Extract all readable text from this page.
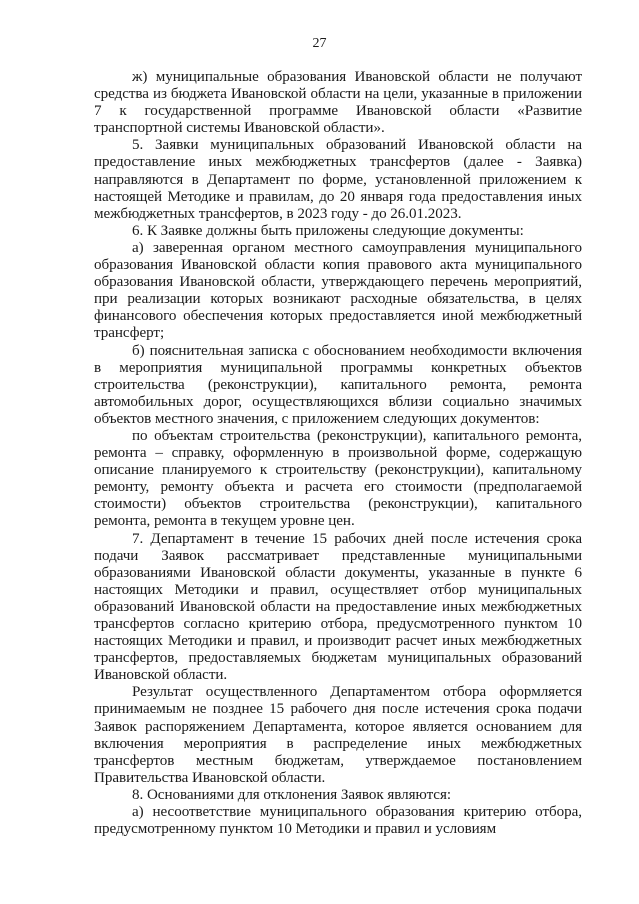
27

ж) муниципальные образования Ивановской области не получают средства из бюджета Ивановской области на цели, указанные в приложении 7 к государственной программе Ивановской области «Развитие транспортной системы Ивановской области».

5. Заявки муниципальных образований Ивановской области на предоставление иных межбюджетных трансфертов (далее - Заявка) направляются в Департамент по форме, установленной приложением к настоящей Методике и правилам, до 20 января года предоставления иных межбюджетных трансфертов, в 2023 году - до 26.01.2023.

6. К Заявке должны быть приложены следующие документы:

а) заверенная органом местного самоуправления муниципального образования Ивановской области копия правового акта муниципального образования Ивановской области, утверждающего перечень мероприятий, при реализации которых возникают расходные обязательства, в целях финансового обеспечения которых предоставляется иной межбюджетный трансферт;

б) пояснительная записка с обоснованием необходимости включения в мероприятия муниципальной программы конкретных объектов строительства (реконструкции), капитального ремонта, ремонта автомобильных дорог, осуществляющихся вблизи социально значимых объектов местного значения, с приложением следующих документов:

по объектам строительства (реконструкции), капитального ремонта, ремонта – справку, оформленную в произвольной форме, содержащую описание планируемого к строительству (реконструкции), капитальному ремонту, ремонту объекта и расчета его стоимости (предполагаемой стоимости) объектов строительства (реконструкции), капитального ремонта, ремонта в текущем уровне цен.

7. Департамент в течение 15 рабочих дней после истечения срока подачи Заявок рассматривает представленные муниципальными образованиями Ивановской области документы, указанные в пункте 6 настоящих Методики и правил, осуществляет отбор муниципальных образований Ивановской области на предоставление иных межбюджетных трансфертов согласно критерию отбора, предусмотренного пунктом 10 настоящих Методики и правил, и производит расчет иных межбюджетных трансфертов, предоставляемых бюджетам муниципальных образований Ивановской области.

Результат осуществленного Департаментом отбора оформляется принимаемым не позднее 15 рабочего дня после истечения срока подачи Заявок распоряжением Департамента, которое является основанием для включения мероприятия в распределение иных межбюджетных трансфертов местным бюджетам, утверждаемое постановлением Правительства Ивановской области.

8. Основаниями для отклонения Заявок являются:

а) несоответствие муниципального образования критерию отбора, предусмотренному пунктом 10 Методики и правил и условиям
